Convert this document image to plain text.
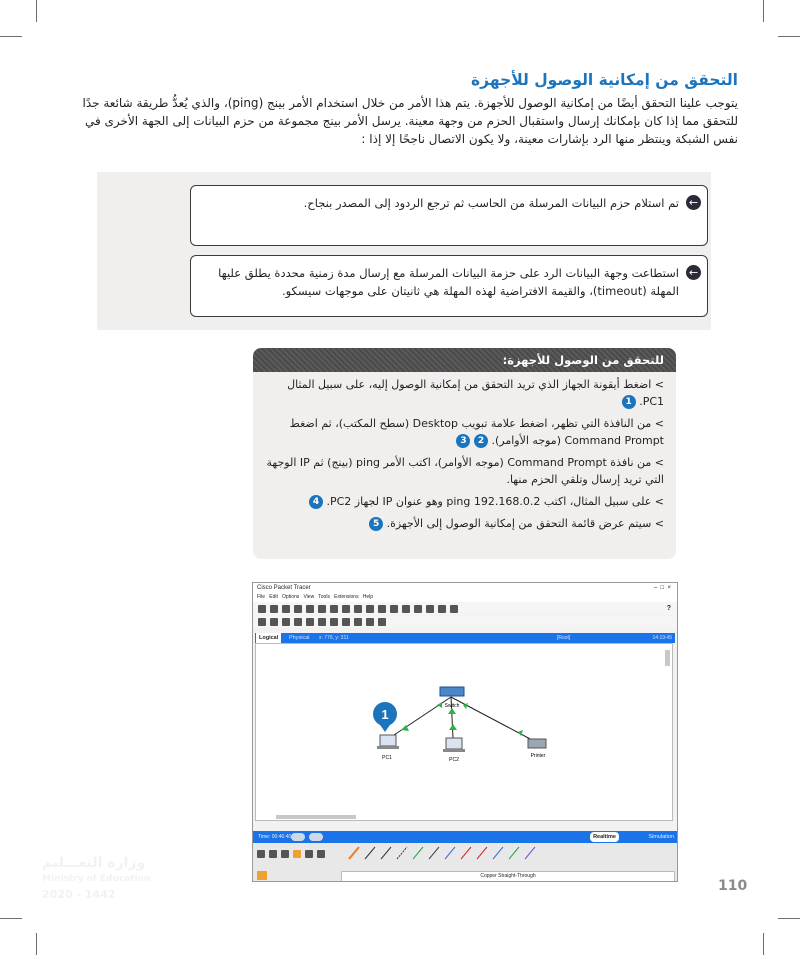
التحقق من إمكانية الوصول للأجهزة

يتوجب علينا التحقق أيضًا من إمكانية الوصول للأجهزة. يتم هذا الأمر من خلال استخدام الأمر بينج (ping)، والذي يُعدُّ طريقة شائعة جدًا للتحقق مما إذا كان بإمكانك إرسال واستقبال الحزم من وجهة معينة. يرسل الأمر بينج مجموعة من حزم البيانات إلى الجهة الأخرى في نفس الشبكة وينتظر منها الرد بإشارات معينة، ولا يكون الاتصال ناجحًا إلا إذا :

←
تم استلام حزم البيانات المرسلة من الحاسب ثم ترجع الردود إلى المصدر بنجاح.
←
استطاعت وجهة البيانات الرد على حزمة البيانات المرسلة مع إرسال مدة زمنية محددة يطلق عليها المهلة (timeout)، والقيمة الافتراضية لهذه المهلة هي ثانيتان على موجهات سيسكو.
للتحقق من الوصول للأجهزة:
> اضغط أيقونة الجهاز الذي تريد التحقق من إمكانية الوصول إليه، على سبيل المثال PC1. 1
> من النافذة التي تظهر، اضغط علامة تبويب Desktop (سطح المكتب)، ثم اضغط Command Prompt (موجه الأوامر). 2 3
> من نافذة Command Prompt (موجه الأوامر)، اكتب الأمر ping (بينج) ثم IP الوجهة التي تريد إرسال وتلقي الحزم منها.
> على سبيل المثال، اكتب ping 192.168.0.2 وهو عنوان IP لجهاز PC2. 4
> سيتم عرض قائمة التحقق من إمكانية الوصول إلى الأجهزة. 5
Cisco Packet Tracer	–  □  ×
File Edit Options View Tools Extensions Help
?
Logical	Physical x: 776, y: 311	[Root]	14:19:45
Switch
PC1	PC2
Printer
1
Time: 00:46:40	Realtime	Simulation
Copper Straight-Through
وزارة التعـــليم
Ministry of Education
2020 - 1442
110
